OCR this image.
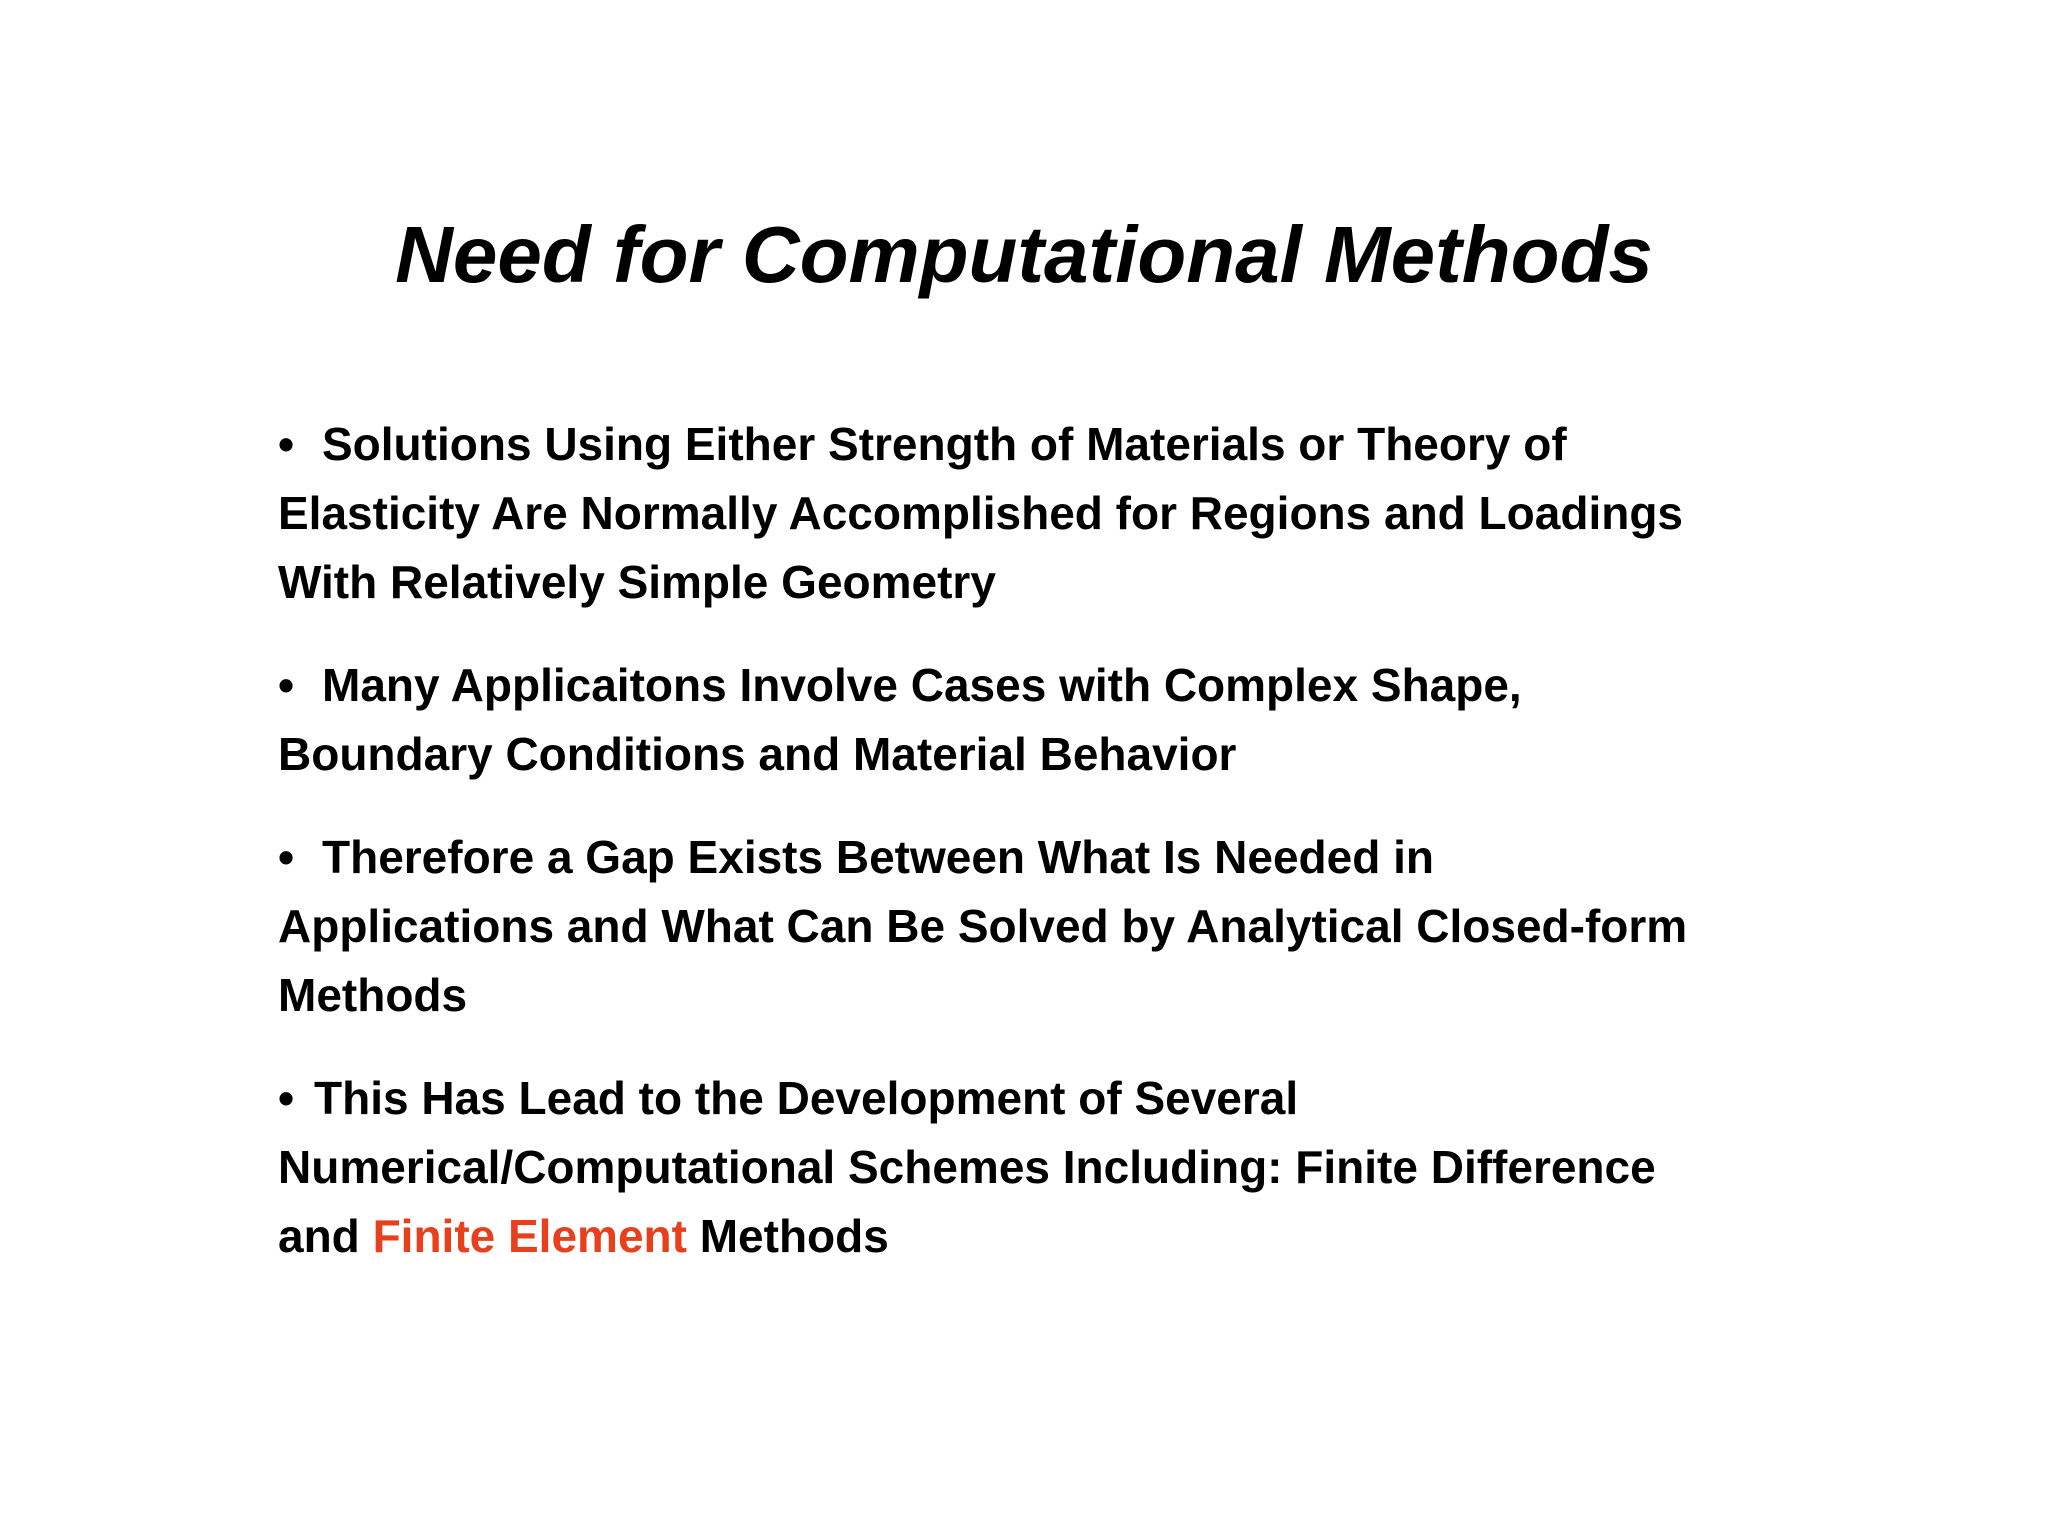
Need for Computational Methods
• Solutions Using Either Strength of Materials or Theory of
Elasticity Are Normally Accomplished for Regions and Loadings
With Relatively Simple Geometry
• Many Applicaitons Involve Cases with Complex Shape,
Boundary Conditions and Material Behavior
• Therefore a Gap Exists Between What Is Needed in
Applications and What Can Be Solved by Analytical Closed-form
Methods
• This Has Lead to the Development of Several
Numerical/Computational Schemes Including: Finite Difference
and Finite Element Methods
